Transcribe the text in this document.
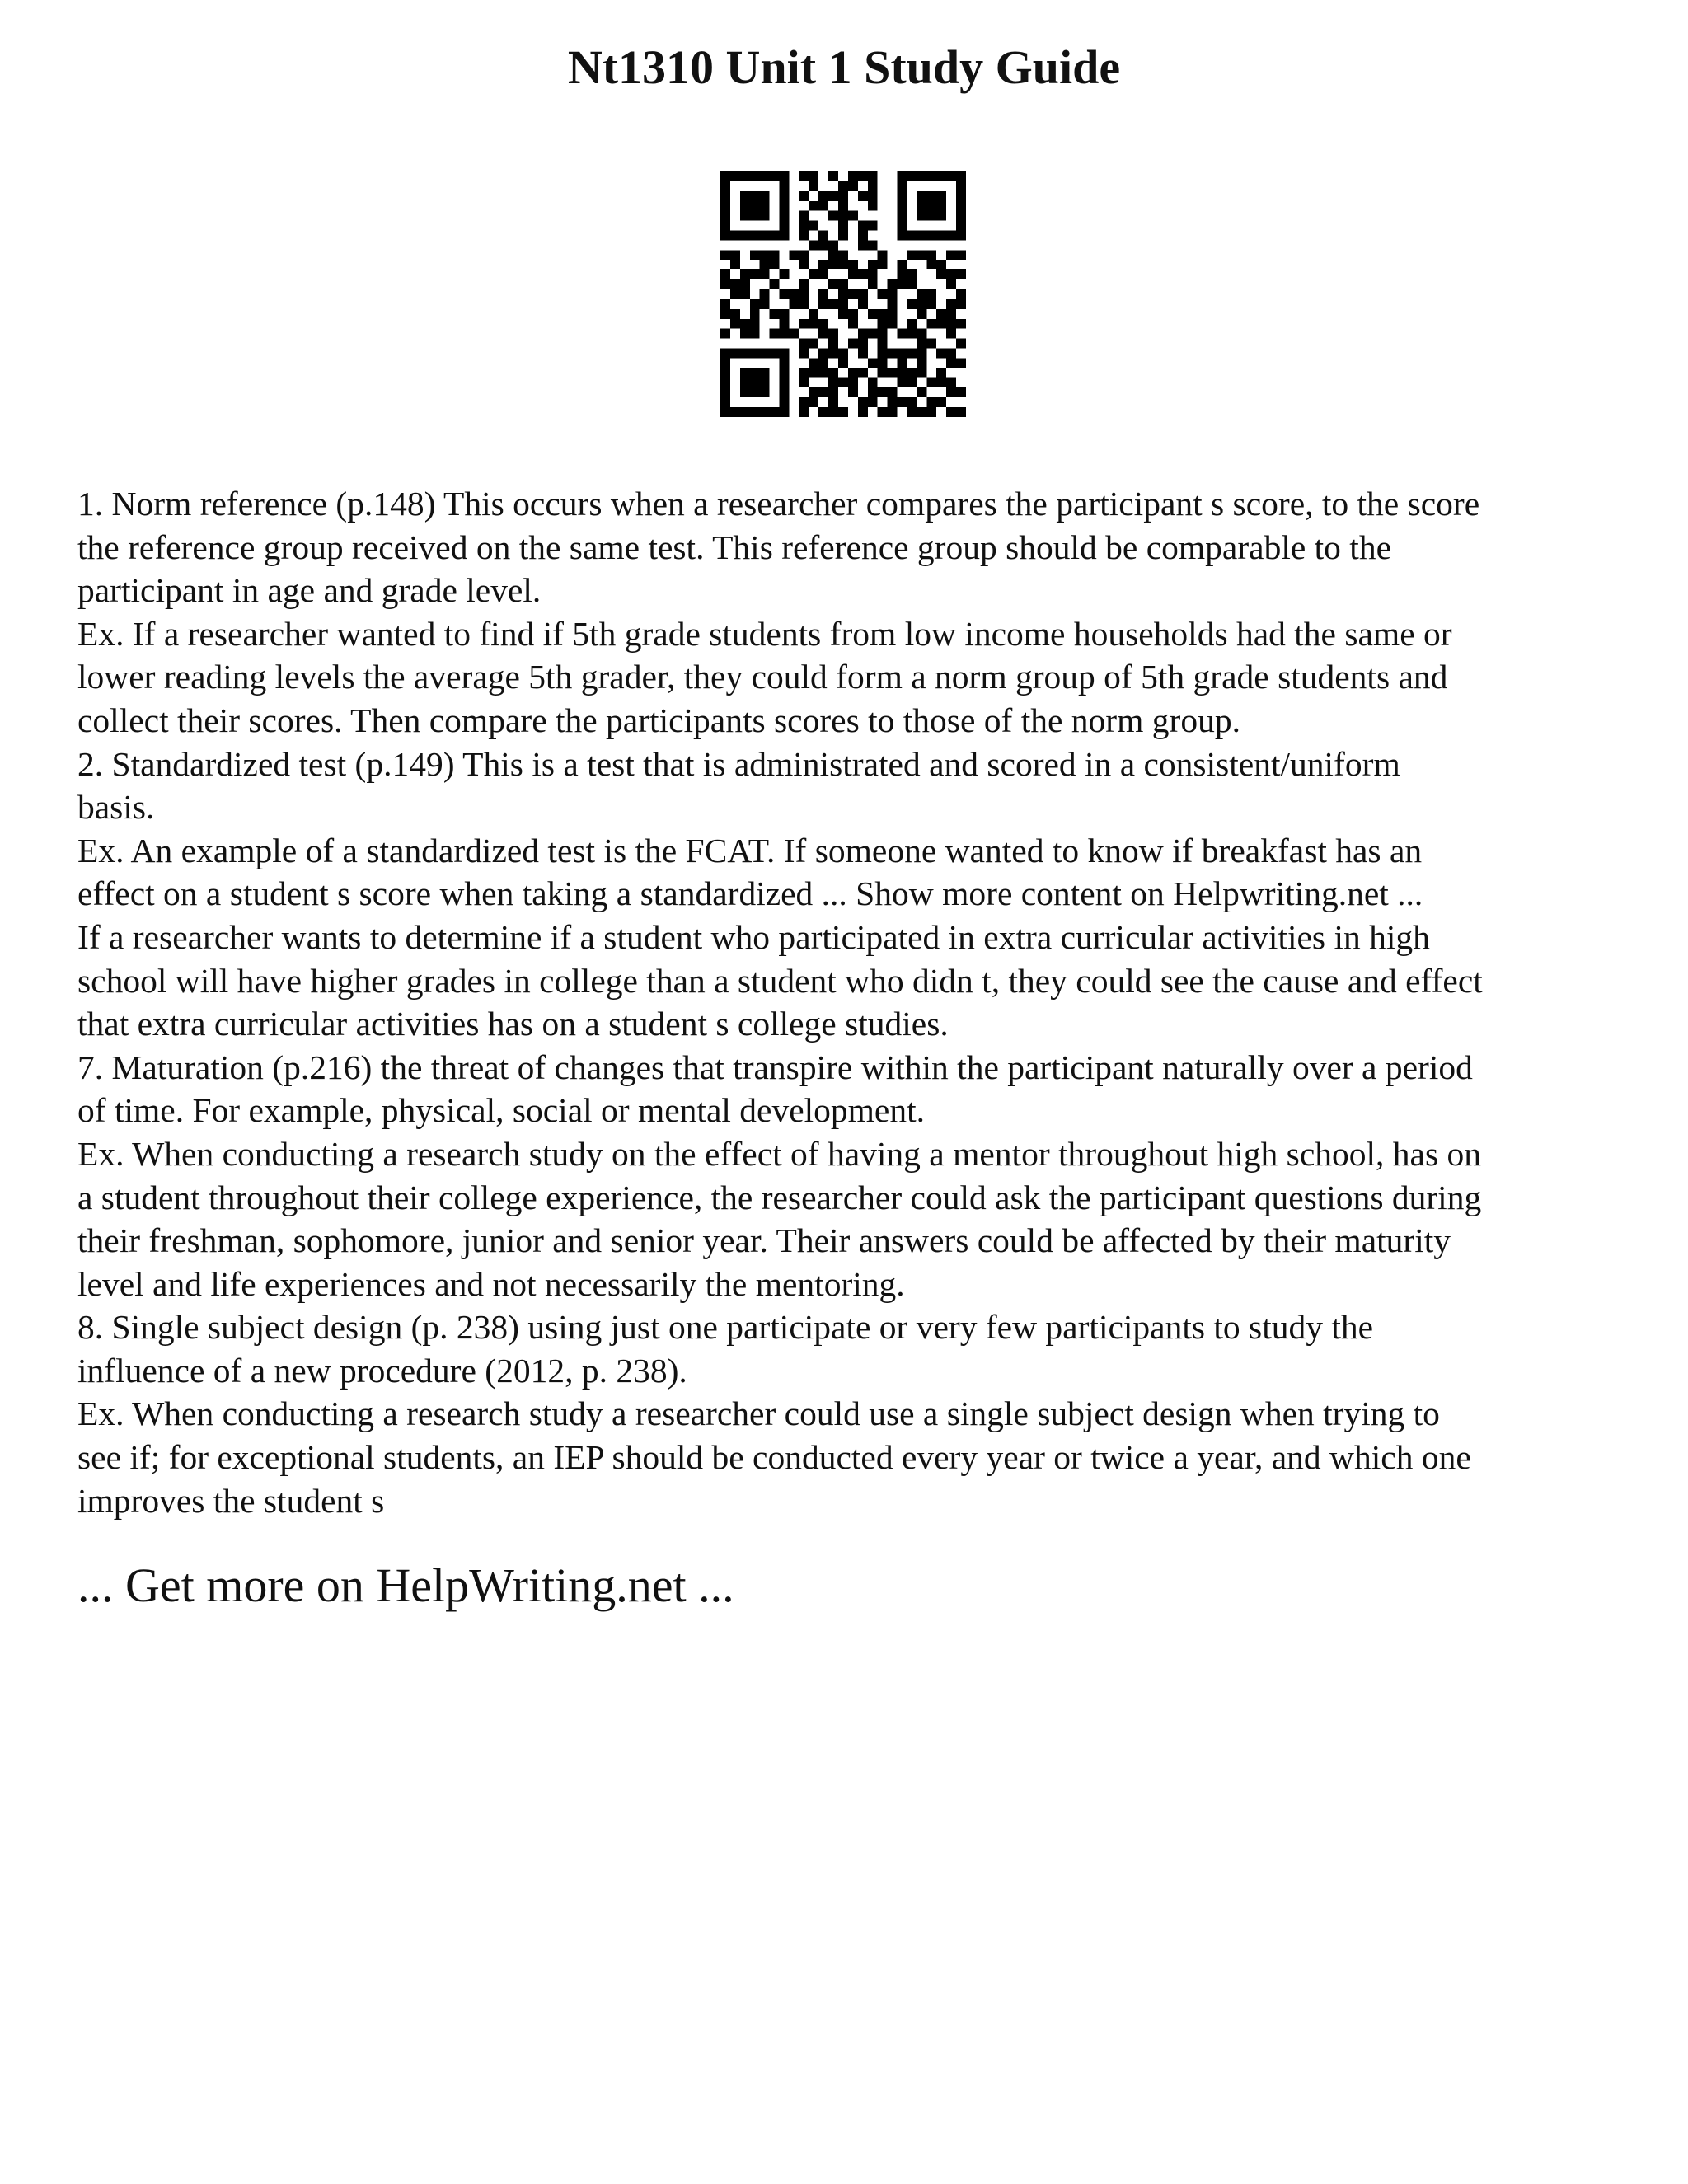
Nt1310 Unit 1 Study Guide
1. Norm reference (p.148) This occurs when a researcher compares the participant s score, to the score
the reference group received on the same test. This reference group should be comparable to the
participant in age and grade level.
Ex. If a researcher wanted to find if 5th grade students from low income households had the same or
lower reading levels the average 5th grader, they could form a norm group of 5th grade students and
collect their scores. Then compare the participants scores to those of the norm group.
2. Standardized test (p.149) This is a test that is administrated and scored in a consistent/uniform
basis.
Ex. An example of a standardized test is the FCAT. If someone wanted to know if breakfast has an
effect on a student s score when taking a standardized ... Show more content on Helpwriting.net ...
If a researcher wants to determine if a student who participated in extra curricular activities in high
school will have higher grades in college than a student who didn t, they could see the cause and effect
that extra curricular activities has on a student s college studies.
7. Maturation (p.216) the threat of changes that transpire within the participant naturally over a period
of time. For example, physical, social or mental development.
Ex. When conducting a research study on the effect of having a mentor throughout high school, has on
a student throughout their college experience, the researcher could ask the participant questions during
their freshman, sophomore, junior and senior year. Their answers could be affected by their maturity
level and life experiences and not necessarily the mentoring.
8. Single subject design (p. 238) using just one participate or very few participants to study the
influence of a new procedure (2012, p. 238).
Ex. When conducting a research study a researcher could use a single subject design when trying to
see if; for exceptional students, an IEP should be conducted every year or twice a year, and which one
improves the student s
... Get more on HelpWriting.net ...
